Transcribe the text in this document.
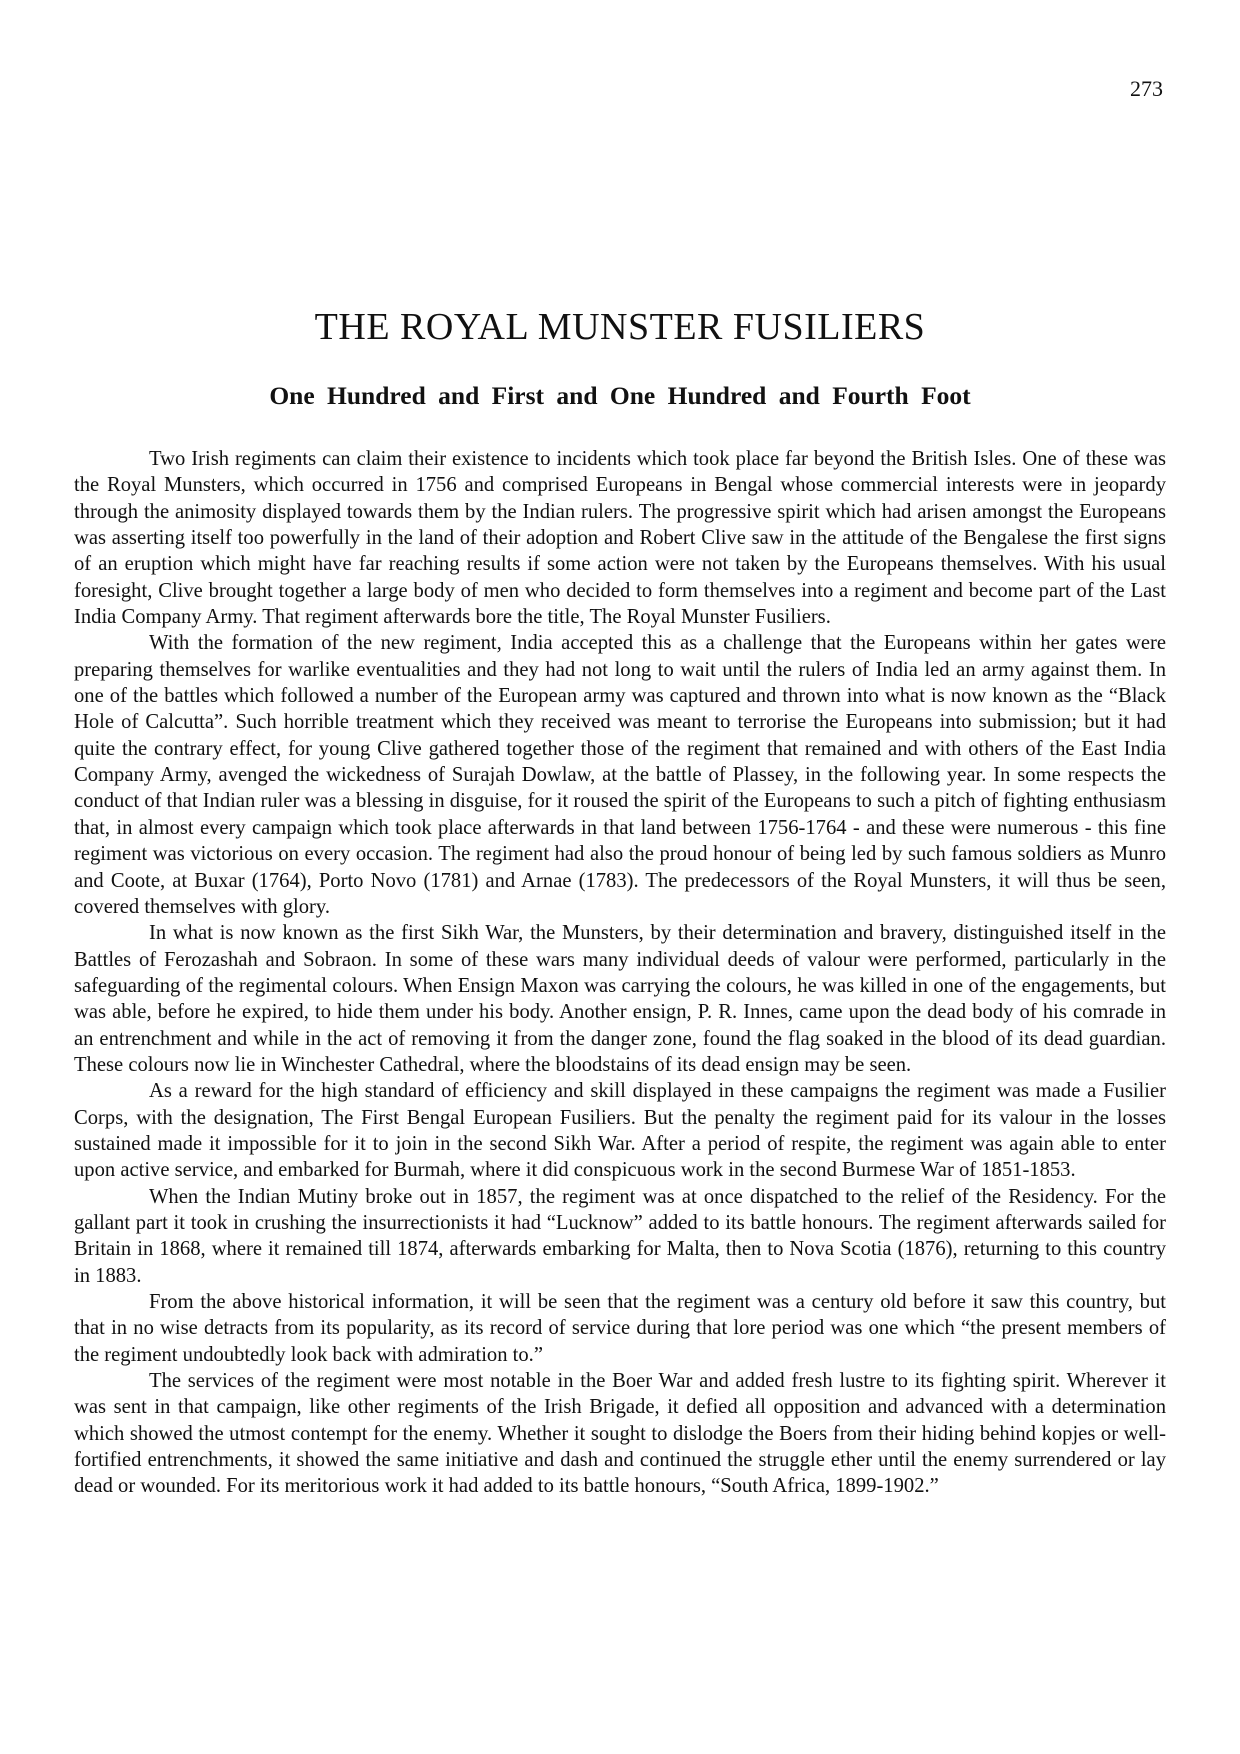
273
THE ROYAL MUNSTER FUSILIERS
One Hundred and First and One Hundred and Fourth Foot

Two Irish regiments can claim their existence to incidents which took place far beyond the British Isles. One of these was the Royal Munsters, which occurred in 1756 and comprised Europeans in Bengal whose commercial interests were in jeopardy through the animosity displayed towards them by the Indian rulers. The progressive spirit which had arisen amongst the Europeans was asserting itself too powerfully in the land of their adoption and Robert Clive saw in the attitude of the Bengalese the first signs of an eruption which might have far reaching results if some action were not taken by the Europeans themselves. With his usual foresight, Clive brought together a large body of men who decided to form themselves into a regiment and become part of the Last India Company Army. That regiment afterwards bore the title, The Royal Munster Fusiliers.

With the formation of the new regiment, India accepted this as a challenge that the Europeans within her gates were preparing themselves for warlike eventualities and they had not long to wait until the rulers of India led an army against them. In one of the battles which followed a number of the European army was captured and thrown into what is now known as the “Black Hole of Calcutta”. Such horrible treatment which they received was meant to terrorise the Europeans into submission; but it had quite the contrary effect, for young Clive gathered together those of the regiment that remained and with others of the East India Company Army, avenged the wickedness of Surajah Dowlaw, at the battle of Plassey, in the following year. In some respects the conduct of that Indian ruler was a blessing in disguise, for it roused the spirit of the Europeans to such a pitch of fighting enthusiasm that, in almost every campaign which took place afterwards in that land between 1756-1764 - and these were numerous - this fine regiment was victorious on every occasion. The regiment had also the proud honour of being led by such famous soldiers as Munro and Coote, at Buxar (1764), Porto Novo (1781) and Arnae (1783). The predecessors of the Royal Munsters, it will thus be seen, covered themselves with glory.

In what is now known as the first Sikh War, the Munsters, by their determination and bravery, distinguished itself in the Battles of Ferozashah and Sobraon. In some of these wars many individual deeds of valour were performed, particularly in the safeguarding of the regimental colours. When Ensign Maxon was carrying the colours, he was killed in one of the engagements, but was able, before he expired, to hide them under his body. Another ensign, P. R. Innes, came upon the dead body of his comrade in an entrenchment and while in the act of removing it from the danger zone, found the flag soaked in the blood of its dead guardian. These colours now lie in Winchester Cathedral, where the bloodstains of its dead ensign may be seen.

As a reward for the high standard of efficiency and skill displayed in these campaigns the regiment was made a Fusilier Corps, with the designation, The First Bengal European Fusiliers. But the penalty the regiment paid for its valour in the losses sustained made it impossible for it to join in the second Sikh War. After a period of respite, the regiment was again able to enter upon active service, and embarked for Burmah, where it did conspicuous work in the second Burmese War of 1851-1853.

When the Indian Mutiny broke out in 1857, the regiment was at once dispatched to the relief of the Residency. For the gallant part it took in crushing the insurrectionists it had “Lucknow” added to its battle honours. The regiment afterwards sailed for Britain in 1868, where it remained till 1874, afterwards embarking for Malta, then to Nova Scotia (1876), returning to this country in 1883.

From the above historical information, it will be seen that the regiment was a century old before it saw this country, but that in no wise detracts from its popularity, as its record of service during that lore period was one which “the present members of the regiment undoubtedly look back with admiration to.”

The services of the regiment were most notable in the Boer War and added fresh lustre to its fighting spirit. Wherever it was sent in that campaign, like other regiments of the Irish Brigade, it defied all opposition and advanced with a determination which showed the utmost contempt for the enemy. Whether it sought to dislodge the Boers from their hiding behind kopjes or well-fortified entrenchments, it showed the same initiative and dash and continued the struggle ether until the enemy surrendered or lay dead or wounded. For its meritorious work it had added to its battle honours, “South Africa, 1899-1902.”
